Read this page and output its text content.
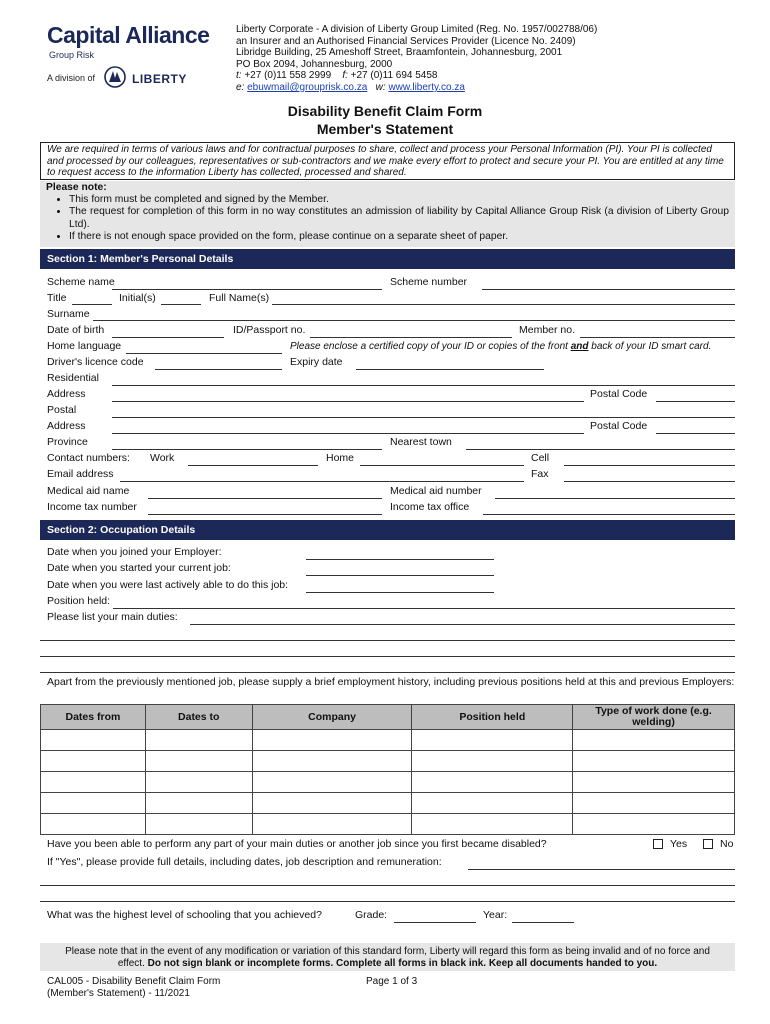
Capital Alliance
Group Risk
A division of	LIBERTY
Liberty Corporate - A division of Liberty Group Limited (Reg. No. 1957/002788/06)
an Insurer and an Authorised Financial Services Provider (Licence No. 2409)
Libridge Building, 25 Ameshoff Street, Braamfontein, Johannesburg, 2001
PO Box 2094, Johannesburg, 2000
t: +27 (0)11 558 2999 f: +27 (0)11 694 5458
e: ebuwmail@grouprisk.co.za w: www.liberty.co.za
Disability Benefit Claim Form
Member's Statement
We are required in terms of various laws and for contractual purposes to share, collect and process your Personal Information (PI). Your PI is collected and processed by our colleagues, representatives or sub-contractors and we make every effort to protect and secure your PI. You are entitled at any time to request access to the information Liberty has collected, processed and shared.
Please note:
• This form must be completed and signed by the Member.
• The request for completion of this form in no way constitutes an admission of liability by Capital Alliance Group Risk (a division of Liberty Group Ltd).
• If there is not enough space provided on the form, please continue on a separate sheet of paper.
Section 1: Member's Personal Details
Scheme name	Scheme number
Title	Initial(s)	Full Name(s)
Surname
Date of birth	ID/Passport no.	Member no.
Home language	Please enclose a certified copy of your ID or copies of the front and back of your ID smart card.
Driver's licence code	Expiry date
Residential
Address	Postal Code
Postal
Address	Postal Code
Province	Nearest town
Contact numbers: Work	Home	Cell
Email address	Fax
Medical aid name	Medical aid number
Income tax number	Income tax office
Section 2: Occupation Details
Date when you joined your Employer:
Date when you started your current job:
Date when you were last actively able to do this job:
Position held:
Please list your main duties:
Apart from the previously mentioned job, please supply a brief employment history, including previous positions held at this and previous Employers:
Dates from	Dates to	Company	Position held	Type of work done (e.g. welding)

Have you been able to perform any part of your main duties or another job since you first became disabled?	Yes	No
If "Yes", please provide full details, including dates, job description and remuneration:
What was the highest level of schooling that you achieved?	Grade:	Year:
Please note that in the event of any modification or variation of this standard form, Liberty will regard this form as being invalid and of no force and
effect. Do not sign blank or incomplete forms. Complete all forms in black ink. Keep all documents handed to you.
CAL005 - Disability Benefit Claim Form
(Member's Statement) - 11/2021
Page 1 of 3
